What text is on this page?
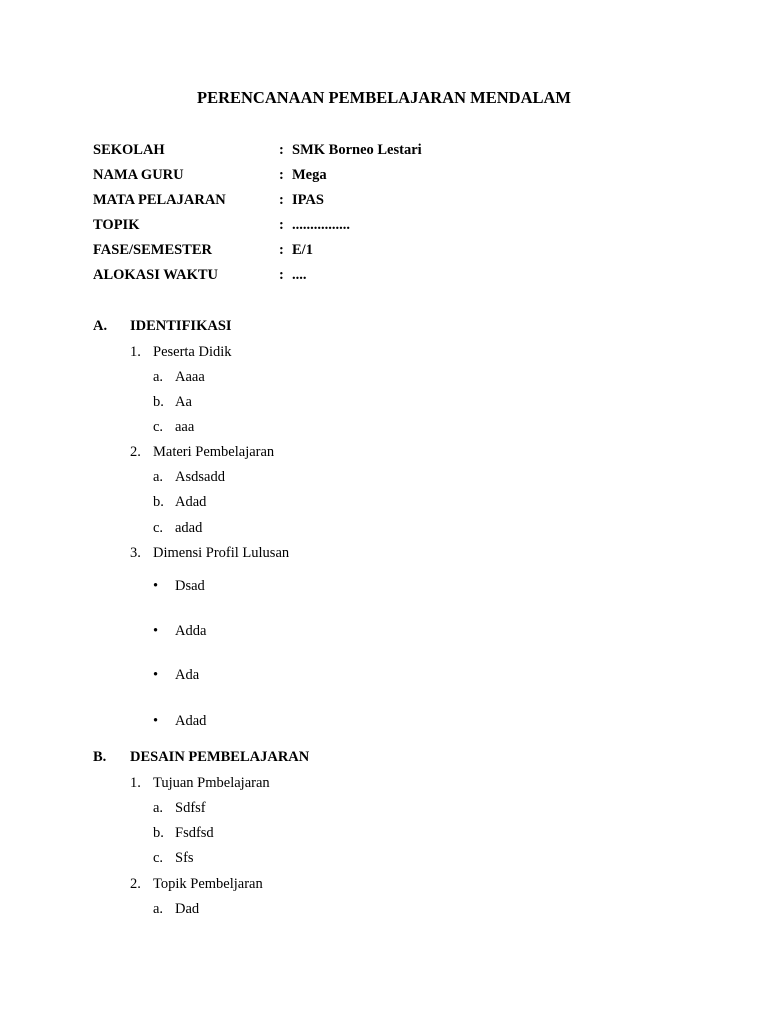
PERENCANAAN PEMBELAJARAN MENDALAM
SEKOLAH	: SMK Borneo Lestari
NAMA GURU	: Mega
MATA PELAJARAN	: IPAS
TOPIK	: ................
FASE/SEMESTER	: E/1
ALOKASI WAKTU	: ....
A. IDENTIFIKASI
1. Peserta Didik
a. Aaaa
b. Aa
c. aaa
2. Materi Pembelajaran
a. Asdsadd
b. Adad
c. adad
3. Dimensi Profil Lulusan
• Dsad
• Adda
• Ada
• Adad
B. DESAIN PEMBELAJARAN
1. Tujuan Pmbelajaran
a. Sdfsf
b. Fsdfsd
c. Sfs
2. Topik Pembeljaran
a. Dad
